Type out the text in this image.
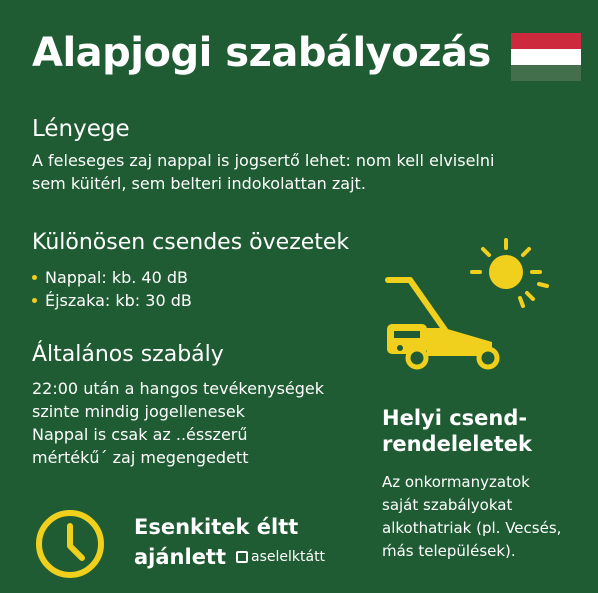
Alapjogi szabályozás
Lényege
A feleseges zaj nappal is jogsertő lehet: nom kell elviselni
sem küitérl, sem belteri indokolattan zajt.
Különösen csendes övezetek
Nappal: kb. 40 dB
Éjszaka: kb: 30 dB
Általános szabály
22:00 után a hangos tevékenységek
szinte mindig jogellenesek
Nappal is csak az ..ésszerű
mértékű´ zaj megengedett
Helyi csend-
rendeleletek
Az onkormanyzatok
saját szabályokat
alkothatriak (pl. Vecsés,
ḿás települések).
Esenkitek éltt
ajánlett aselelktátt
